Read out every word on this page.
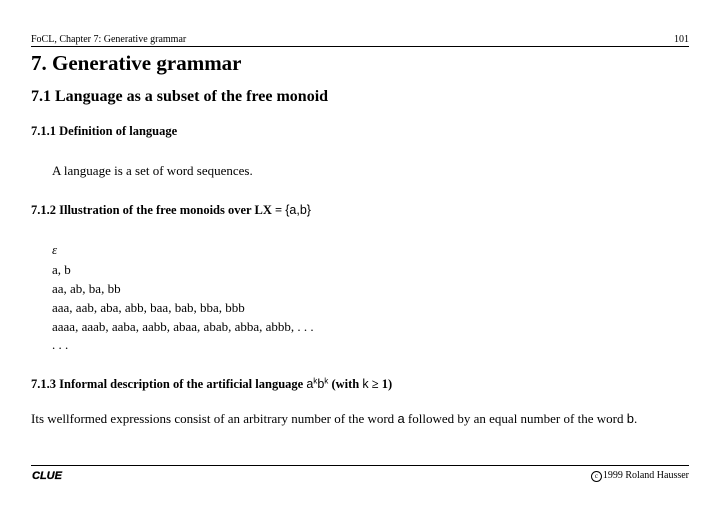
FoCL, Chapter 7: Generative grammar	101
7. Generative grammar
7.1 Language as a subset of the free monoid
7.1.1 Definition of language
A language is a set of word sequences.
7.1.2 Illustration of the free monoids over LX = {a,b}
ε
a, b
aa, ab, ba, bb
aaa, aab, aba, abb, baa, bab, bba, bbb
aaaa, aaab, aaba, aabb, abaa, abab, abba, abbb, . . .
. . .
7.1.3 Informal description of the artificial language $a^kb^k$ (with k ≥ 1)
Its wellformed expressions consist of an arbitrary number of the word a followed by an equal number of the word b.
CLUE	c 1999 Roland Hausser
